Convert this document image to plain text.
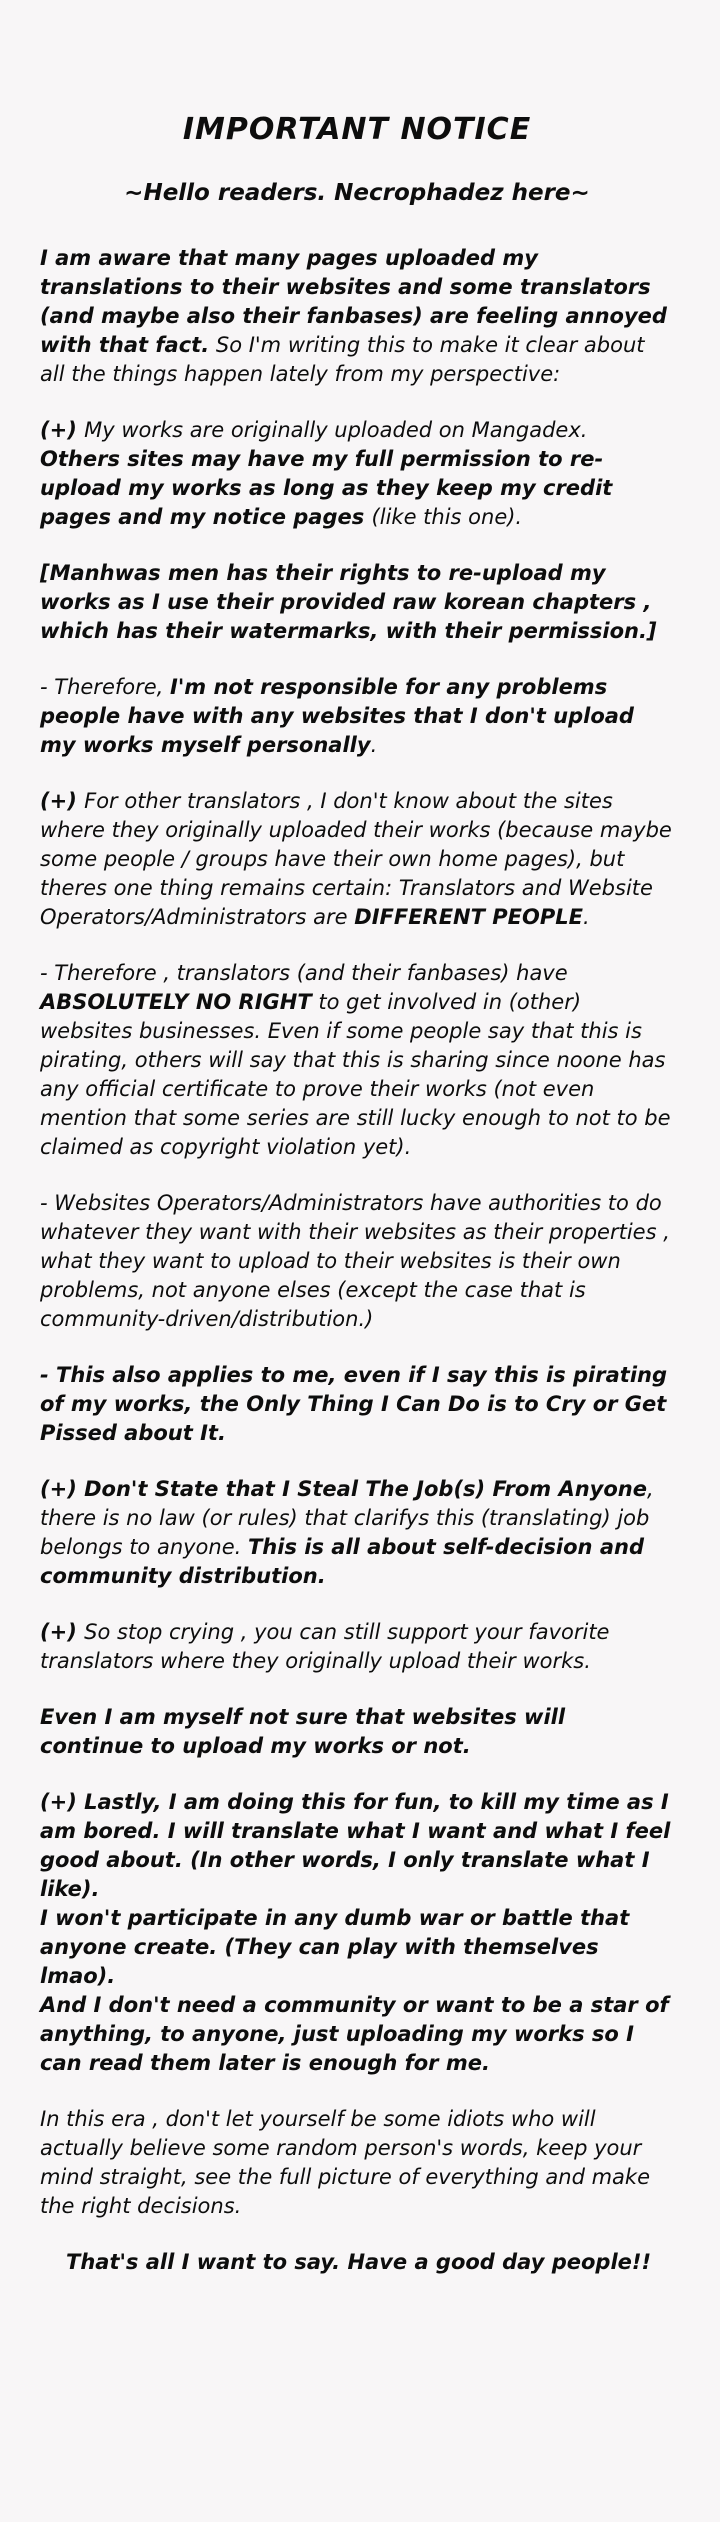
IMPORTANT NOTICE
~Hello readers. Necrophadez here~

I am aware that many pages uploaded my translations to their websites and some translators (and maybe also their fanbases) are feeling annoyed with that fact. So I'm writing this to make it clear about all the things happen lately from my perspective:

(+) My works are originally uploaded on Mangadex. Others sites may have my full permission to re-upload my works as long as they keep my credit pages and my notice pages (like this one).

[Manhwas men has their rights to re-upload my works as I use their provided raw korean chapters , which has their watermarks, with their permission.]

- Therefore, I'm not responsible for any problems people have with any websites that I don't upload my works myself personally.

(+) For other translators , I don't know about the sites where they originally uploaded their works (because maybe some people / groups have their own home pages), but theres one thing remains certain: Translators and Website Operators/Administrators are DIFFERENT PEOPLE.

- Therefore , translators (and their fanbases) have ABSOLUTELY NO RIGHT to get involved in (other) websites businesses. Even if some people say that this is pirating, others will say that this is sharing since noone has any official certificate to prove their works (not even mention that some series are still lucky enough to not to be claimed as copyright violation yet).

- Websites Operators/Administrators have authorities to do whatever they want with their websites as their properties , what they want to upload to their websites is their own problems, not anyone elses (except the case that is community-driven/distribution.)

- This also applies to me, even if I say this is pirating of my works, the Only Thing I Can Do is to Cry or Get Pissed about It.

(+) Don't State that I Steal The Job(s) From Anyone, there is no law (or rules) that clarifys this (translating) job belongs to anyone. This is all about self-decision and community distribution.

(+) So stop crying , you can still support your favorite translators where they originally upload their works.

Even I am myself not sure that websites will continue to upload my works or not.

(+) Lastly, I am doing this for fun, to kill my time as I am bored. I will translate what I want and what I feel good about. (In other words, I only translate what I like).
I won't participate in any dumb war or battle that anyone create. (They can play with themselves lmao).
And I don't need a community or want to be a star of anything, to anyone, just uploading my works so I can read them later is enough for me.

In this era , don't let yourself be some idiots who will actually believe some random person's words, keep your mind straight, see the full picture of everything and make the right decisions.

That's all I want to say. Have a good day people!!
